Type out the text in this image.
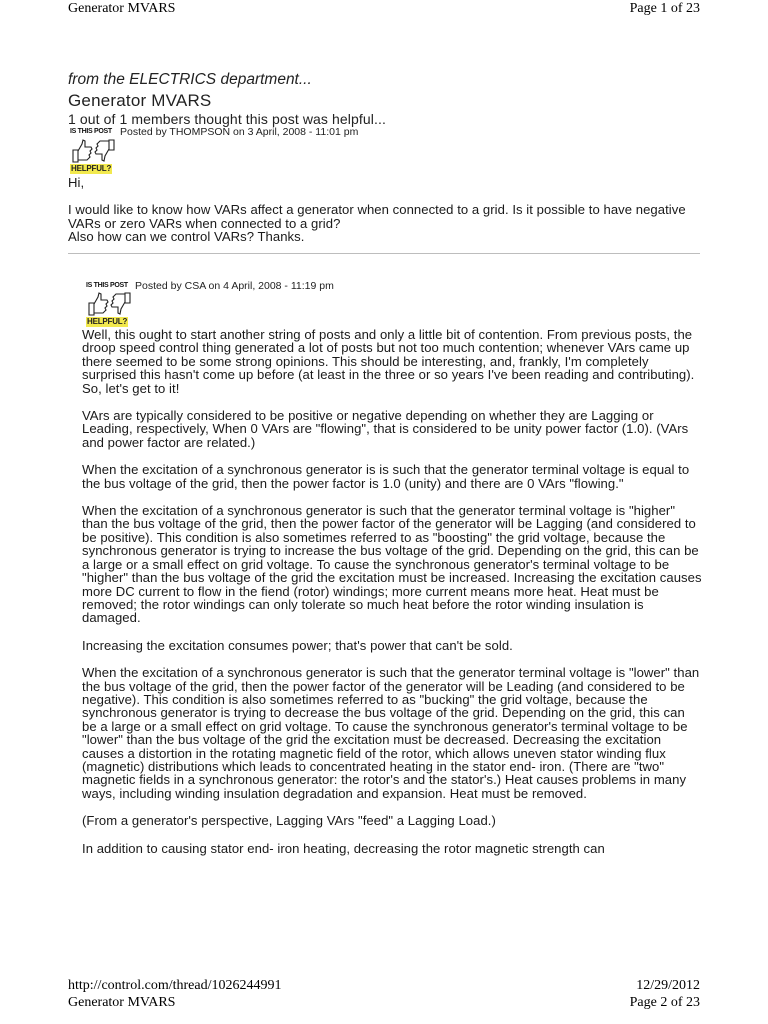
Generator MVARS	Page 1 of 23
from the ELECTRICS department...
Generator MVARS
1 out of 1 members thought this post was helpful...
IS THIS POST Posted by THOMPSON on 3 April, 2008 - 11:01 pm
HELPFUL?

Hi,

I would like to know how VARs affect a generator when connected to a grid. Is it possible to have negative VARs or zero VARs when connected to a grid?
Also how can we control VARs? Thanks.

IS THIS POST Posted by CSA on 4 April, 2008 - 11:19 pm
HELPFUL?

Well, this ought to start another string of posts and only a little bit of contention. From previous posts, the droop speed control thing generated a lot of posts but not too much contention; whenever VArs came up there seemed to be some strong opinions. This should be interesting, and, frankly, I'm completely surprised this hasn't come up before (at least in the three or so years I've been reading and contributing). So, let's get to it!

VArs are typically considered to be positive or negative depending on whether they are Lagging or Leading, respectively, When 0 VArs are "flowing", that is considered to be unity power factor (1.0). (VArs and power factor are related.)

When the excitation of a synchronous generator is is such that the generator terminal voltage is equal to the bus voltage of the grid, then the power factor is 1.0 (unity) and there are 0 VArs "flowing."

When the excitation of a synchronous generator is such that the generator terminal voltage is "higher" than the bus voltage of the grid, then the power factor of the generator will be Lagging (and considered to be positive). This condition is also sometimes referred to as "boosting" the grid voltage, because the synchronous generator is trying to increase the bus voltage of the grid. Depending on the grid, this can be a large or a small effect on grid voltage. To cause the synchronous generator's terminal voltage to be "higher" than the bus voltage of the grid the excitation must be increased. Increasing the excitation causes more DC current to flow in the fiend (rotor) windings; more current means more heat. Heat must be removed; the rotor windings can only tolerate so much heat before the rotor winding insulation is damaged.

Increasing the excitation consumes power; that's power that can't be sold.

When the excitation of a synchronous generator is such that the generator terminal voltage is "lower" than the bus voltage of the grid, then the power factor of the generator will be Leading (and considered to be negative). This condition is also sometimes referred to as "bucking" the grid voltage, because the synchronous generator is trying to decrease the bus voltage of the grid. Depending on the grid, this can be a large or a small effect on grid voltage. To cause the synchronous generator's terminal voltage to be "lower" than the bus voltage of the grid the excitation must be decreased. Decreasing the excitation causes a distortion in the rotating magnetic field of the rotor, which allows uneven stator winding flux (magnetic) distributions which leads to concentrated heating in the stator end- iron. (There are "two" magnetic fields in a synchronous generator: the rotor's and the stator's.) Heat causes problems in many ways, including winding insulation degradation and expansion. Heat must be removed.

(From a generator's perspective, Lagging VArs "feed" a Lagging Load.)

In addition to causing stator end- iron heating, decreasing the rotor magnetic strength can

http://control.com/thread/1026244991	12/29/2012
Generator MVARS	Page 2 of 23
